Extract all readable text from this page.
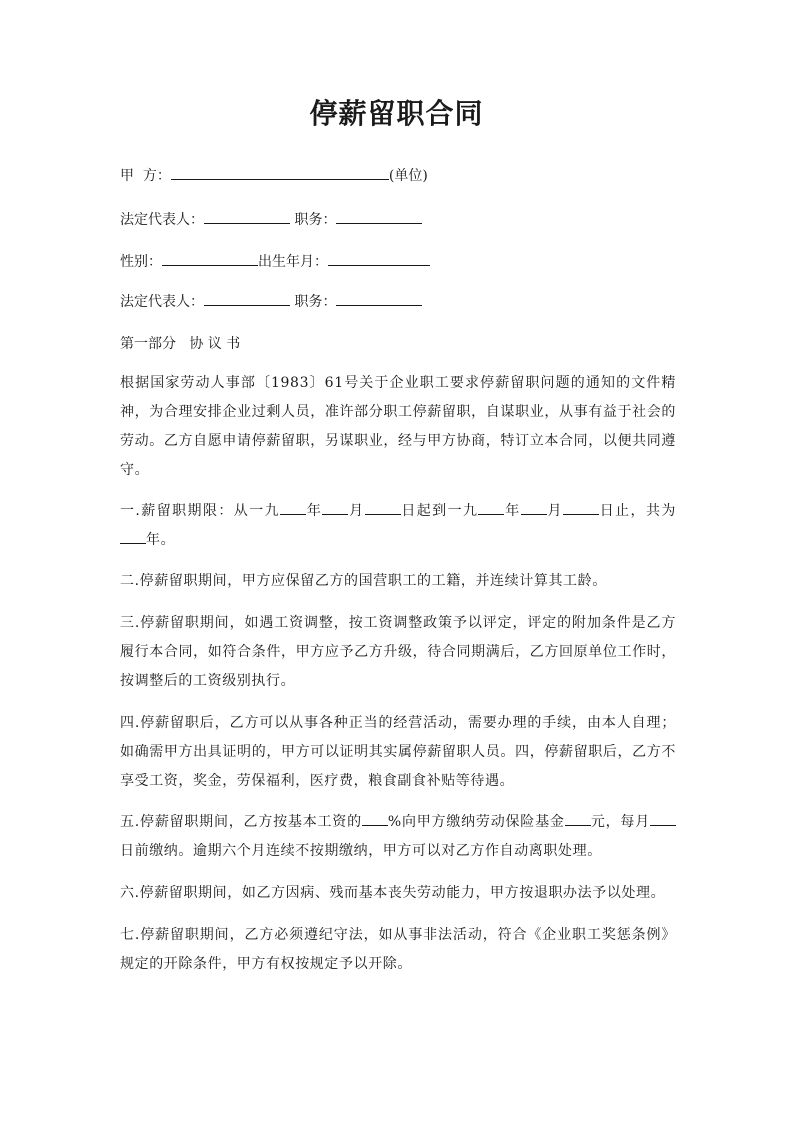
停薪留职合同
甲  方：	(单位)
法定代表人：	职务：
性别：	出生年月：
法定代表人：	职务：
第一部分   协 议 书
根据国家劳动人事部〔1983〕61号关于企业职工要求停薪留职问题的通知的文件精神，为合理安排企业过剩人员，准许部分职工停薪留职，自谋职业，从事有益于社会的劳动。乙方自愿申请停薪留职，另谋职业，经与甲方协商，特订立本合同，以便共同遵守。
一.薪留职期限：从一九 年 月	日起到一九 年 月	日止，共为年。
二.停薪留职期间，甲方应保留乙方的国营职工的工籍，并连续计算其工龄。
三.停薪留职期间，如遇工资调整，按工资调整政策予以评定，评定的附加条件是乙方履行本合同，如符合条件，甲方应予乙方升级，待合同期满后，乙方回原单位工作时，按调整后的工资级别执行。
四.停薪留职后，乙方可以从事各种正当的经营活动，需要办理的手续，由本人自理；如确需甲方出具证明的，甲方可以证明其实属停薪留职人员。四，停薪留职后，乙方不享受工资，奖金，劳保福利，医疗费，粮食副食补贴等待遇。
五.停薪留职期间，乙方按基本工资的 %向甲方缴纳劳动保险基金 元，每月日前缴纳。逾期六个月连续不按期缴纳，甲方可以对乙方作自动离职处理。
六.停薪留职期间，如乙方因病、残而基本丧失劳动能力，甲方按退职办法予以处理。
七.停薪留职期间，乙方必须遵纪守法，如从事非法活动，符合《企业职工奖惩条例》规定的开除条件，甲方有权按规定予以开除。
